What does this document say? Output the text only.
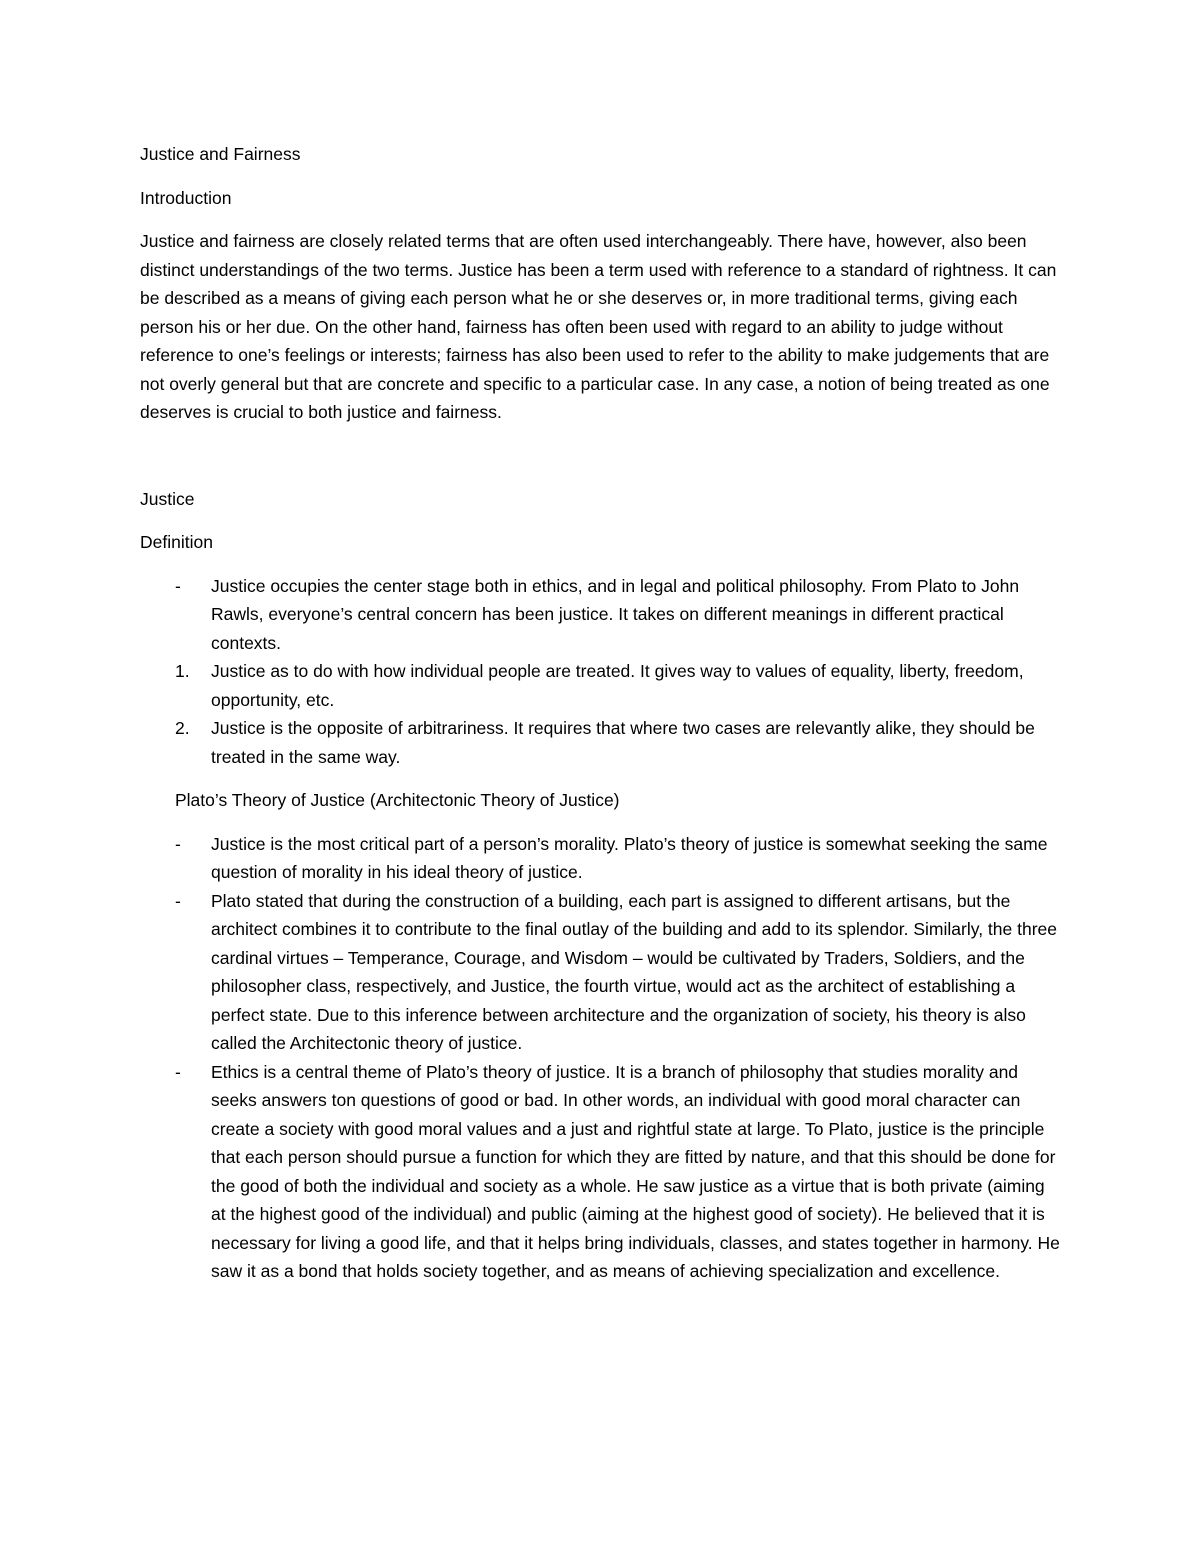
Justice and Fairness

Introduction

Justice and fairness are closely related terms that are often used interchangeably. There have, however, also been distinct understandings of the two terms. Justice has been a term used with reference to a standard of rightness. It can be described as a means of giving each person what he or she deserves or, in more traditional terms, giving each person his or her due. On the other hand, fairness has often been used with regard to an ability to judge without reference to one’s feelings or interests; fairness has also been used to refer to the ability to make judgements that are not overly general but that are concrete and specific to a particular case. In any case, a notion of being treated as one deserves is crucial to both justice and fairness.

Justice

Definition

- Justice occupies the center stage both in ethics, and in legal and political philosophy. From Plato to John Rawls, everyone’s central concern has been justice. It takes on different meanings in different practical contexts.
1. Justice as to do with how individual people are treated. It gives way to values of equality, liberty, freedom, opportunity, etc.
2. Justice is the opposite of arbitrariness. It requires that where two cases are relevantly alike, they should be treated in the same way.

Plato’s Theory of Justice (Architectonic Theory of Justice)

- Justice is the most critical part of a person’s morality. Plato’s theory of justice is somewhat seeking the same question of morality in his ideal theory of justice.
- Plato stated that during the construction of a building, each part is assigned to different artisans, but the architect combines it to contribute to the final outlay of the building and add to its splendor. Similarly, the three cardinal virtues – Temperance, Courage, and Wisdom – would be cultivated by Traders, Soldiers, and the philosopher class, respectively, and Justice, the fourth virtue, would act as the architect of establishing a perfect state. Due to this inference between architecture and the organization of society, his theory is also called the Architectonic theory of justice.
- Ethics is a central theme of Plato’s theory of justice. It is a branch of philosophy that studies morality and seeks answers ton questions of good or bad. In other words, an individual with good moral character can create a society with good moral values and a just and rightful state at large. To Plato, justice is the principle that each person should pursue a function for which they are fitted by nature, and that this should be done for the good of both the individual and society as a whole. He saw justice as a virtue that is both private (aiming at the highest good of the individual) and public (aiming at the highest good of society). He believed that it is necessary for living a good life, and that it helps bring individuals, classes, and states together in harmony. He saw it as a bond that holds society together, and as means of achieving specialization and excellence.
